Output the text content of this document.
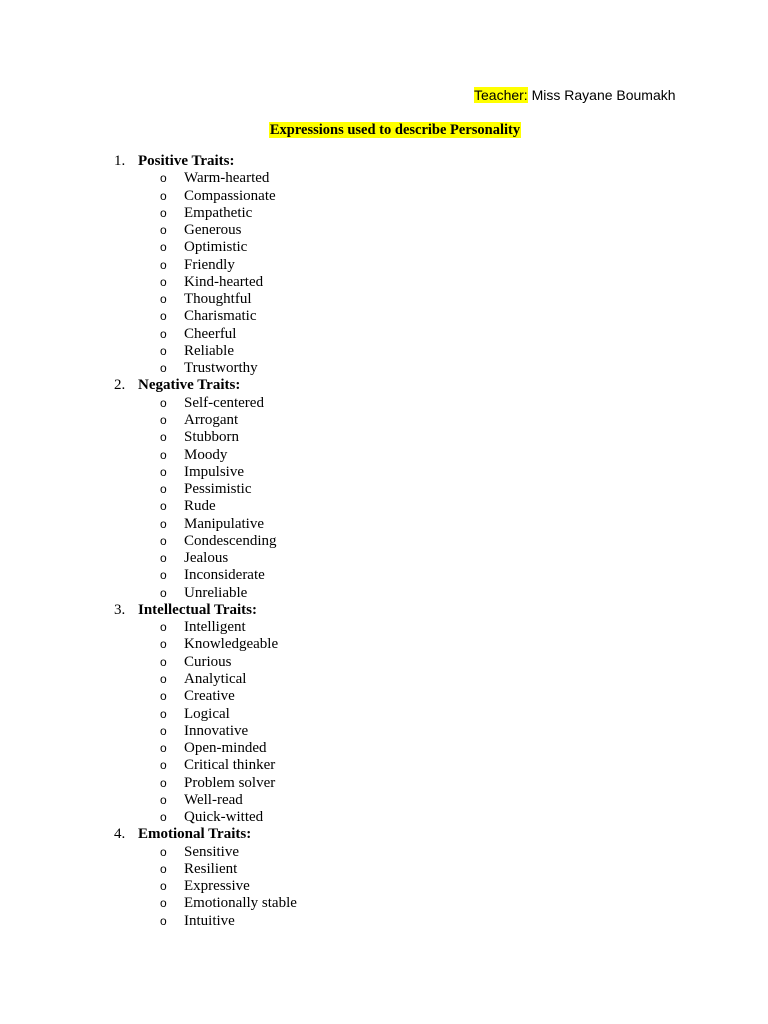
Teacher: Miss Rayane Boumakh
Expressions used to describe Personality
1. Positive Traits:
o Warm-hearted
o Compassionate
o Empathetic
o Generous
o Optimistic
o Friendly
o Kind-hearted
o Thoughtful
o Charismatic
o Cheerful
o Reliable
o Trustworthy
2. Negative Traits:
o Self-centered
o Arrogant
o Stubborn
o Moody
o Impulsive
o Pessimistic
o Rude
o Manipulative
o Condescending
o Jealous
o Inconsiderate
o Unreliable
3. Intellectual Traits:
o Intelligent
o Knowledgeable
o Curious
o Analytical
o Creative
o Logical
o Innovative
o Open-minded
o Critical thinker
o Problem solver
o Well-read
o Quick-witted
4. Emotional Traits:
o Sensitive
o Resilient
o Expressive
o Emotionally stable
o Intuitive
